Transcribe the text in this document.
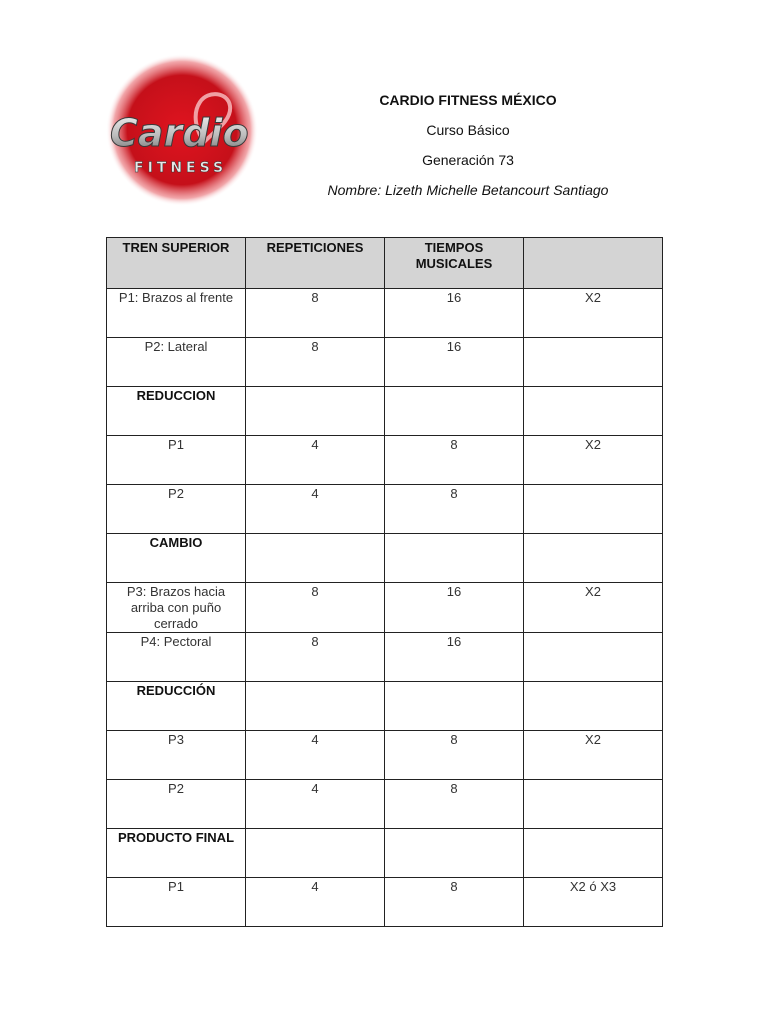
Cardio
FITNESS
CARDIO FITNESS MÉXICO
Curso Básico
Generación 73
Nombre: Lizeth Michelle Betancourt Santiago
TREN SUPERIOR	REPETICIONES	TIEMPOS MUSICALES	
P1: Brazos al frente	8	16	X2
P2: Lateral	8	16	
REDUCCION			
P1	4	8	X2
P2	4	8	
CAMBIO			
P3: Brazos hacia arriba con puño cerrado	8	16	X2
P4: Pectoral	8	16	
REDUCCIÓN			
P3	4	8	X2
P2	4	8	
PRODUCTO FINAL			
P1	4	8	X2 ó X3
